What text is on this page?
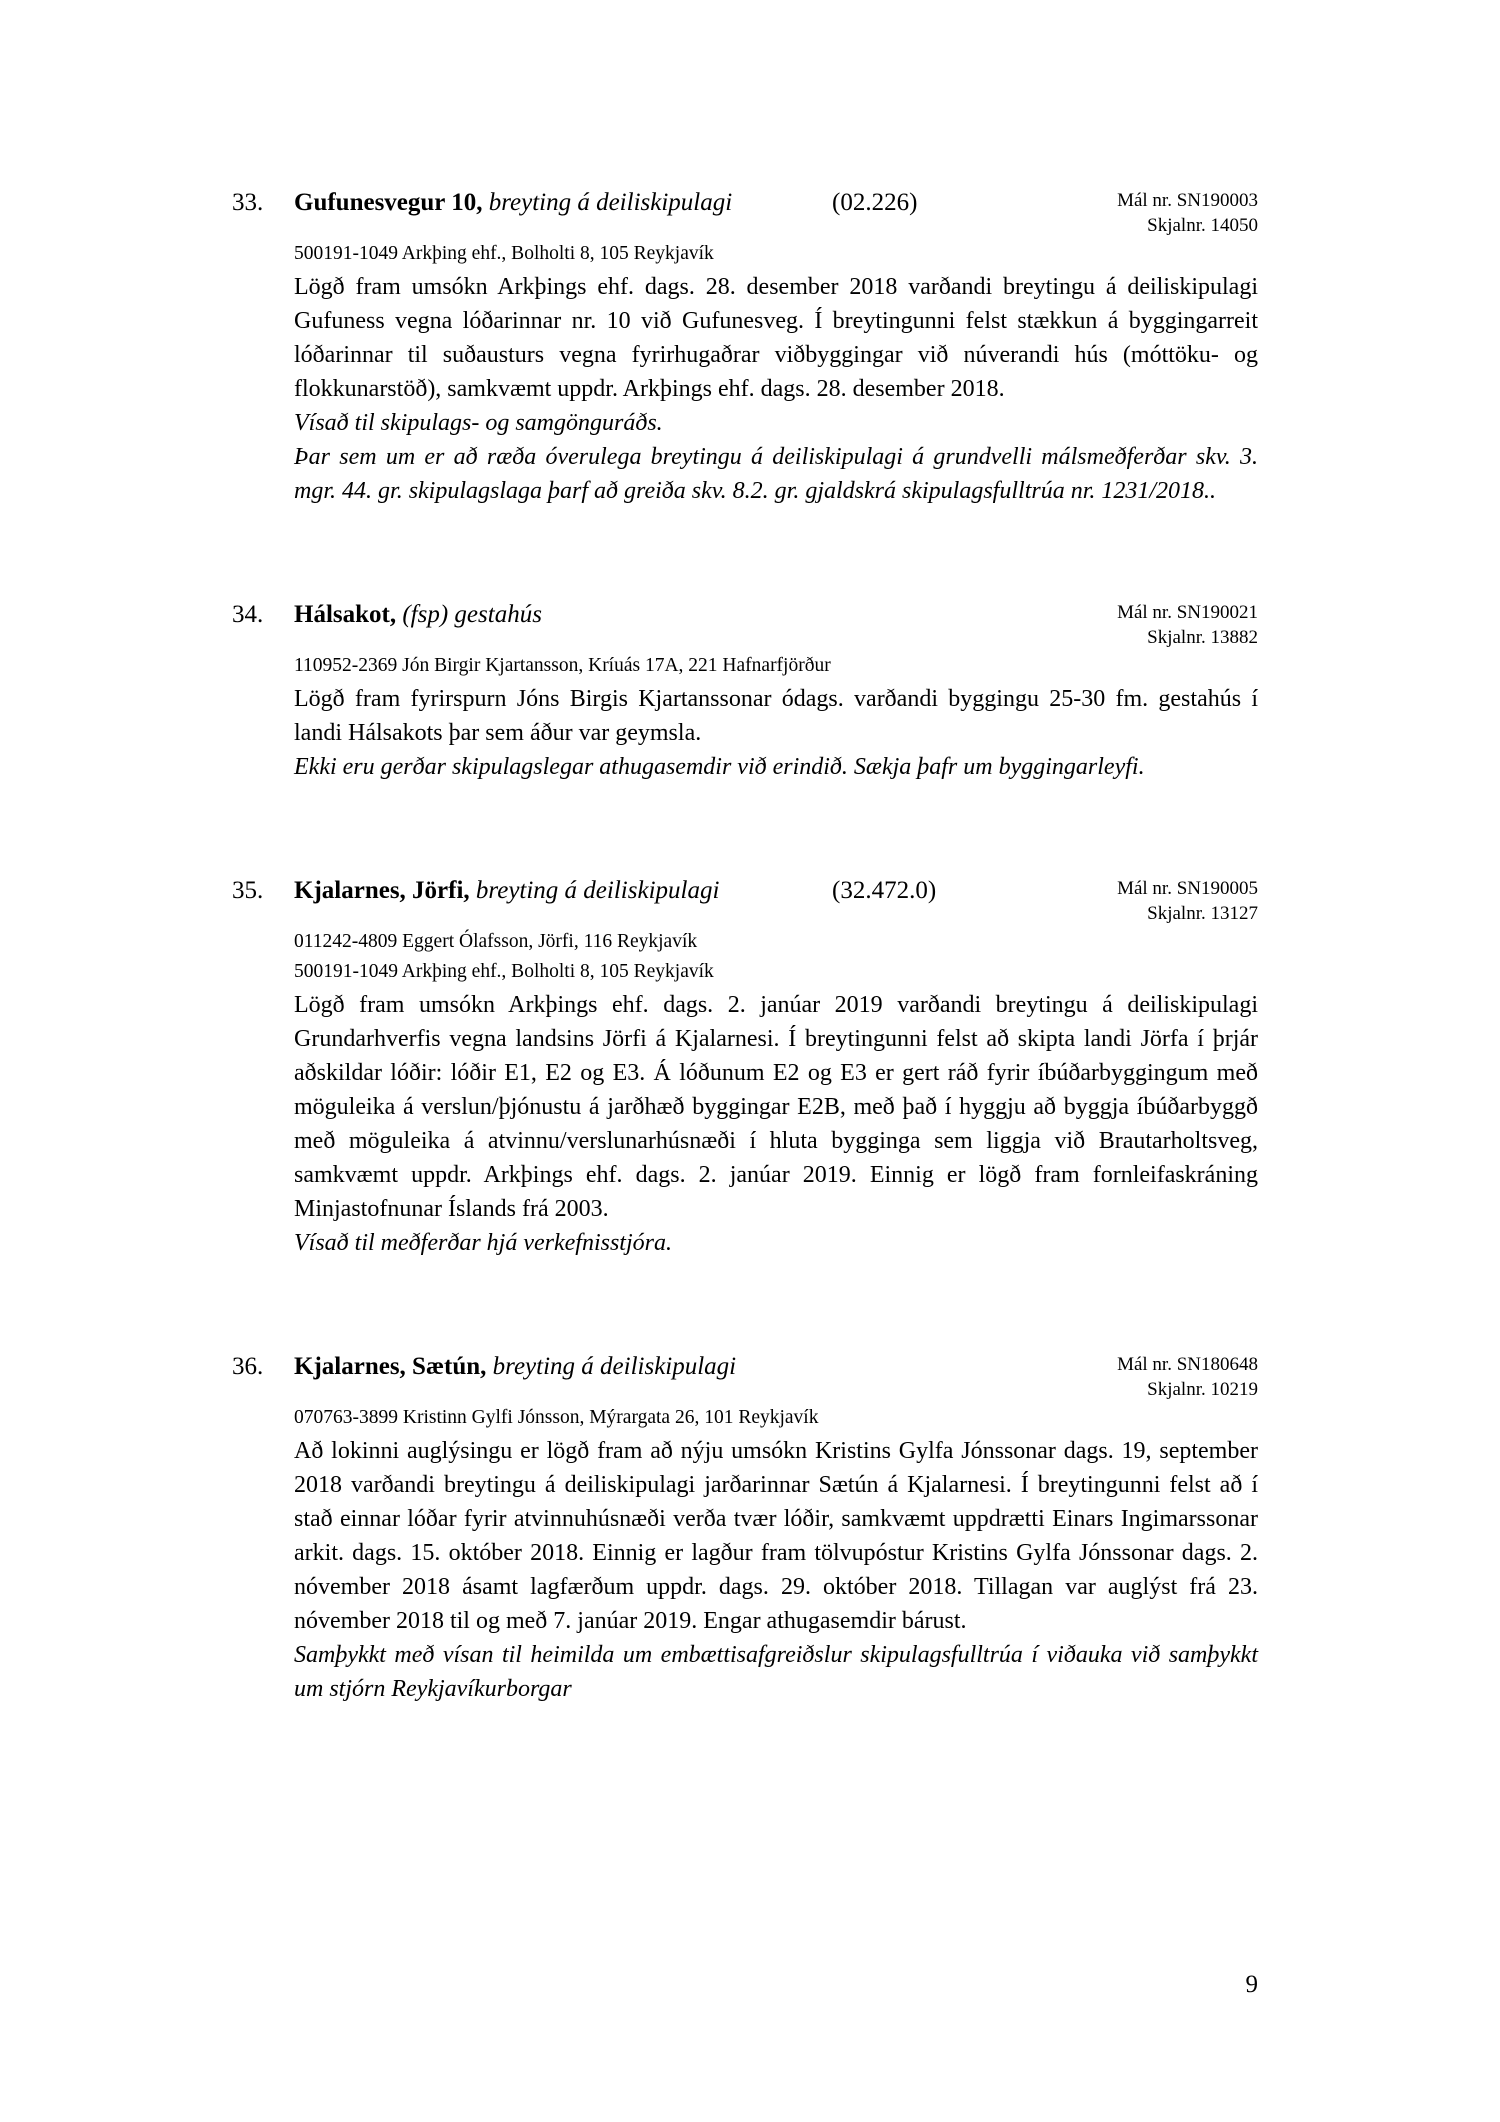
33.	Gufunesvegur 10, breyting á deiliskipulagi	(02.226)	Mál nr. SN190003
Skjalnr. 14050
500191-1049 Arkþing ehf., Bolholti 8, 105 Reykjavík

Lögð fram umsókn Arkþings ehf. dags. 28. desember 2018 varðandi breytingu á deiliskipulagi Gufuness vegna lóðarinnar nr. 10 við Gufunesveg. Í breytingunni felst stækkun á byggingarreit lóðarinnar til suðausturs vegna fyrirhugaðrar viðbyggingar við núverandi hús (móttöku- og flokkunarstöð), samkvæmt uppdr. Arkþings ehf. dags. 28. desember 2018.

Vísað til skipulags- og samgönguráðs.

Þar sem um er að ræða óverulega breytingu á deiliskipulagi á grundvelli málsmeðferðar skv. 3. mgr. 44. gr. skipulagslaga þarf að greiða skv. 8.2. gr. gjaldskrá skipulagsfulltrúa nr. 1231/2018..

34.	Hálsakot, (fsp) gestahús	Mál nr. SN190021
Skjalnr. 13882
110952-2369 Jón Birgir Kjartansson, Kríuás 17A, 221 Hafnarfjörður

Lögð fram fyrirspurn Jóns Birgis Kjartanssonar ódags. varðandi byggingu 25-30 fm. gestahús í landi Hálsakots þar sem áður var geymsla.

Ekki eru gerðar skipulagslegar athugasemdir við erindið. Sækja þafr um byggingarleyfi.

35.	Kjalarnes, Jörfi, breyting á deiliskipulagi	(32.472.0)	Mál nr. SN190005
Skjalnr. 13127
011242-4809 Eggert Ólafsson, Jörfi, 116 Reykjavík
500191-1049 Arkþing ehf., Bolholti 8, 105 Reykjavík

Lögð fram umsókn Arkþings ehf. dags. 2. janúar 2019 varðandi breytingu á deiliskipulagi Grundarhverfis vegna landsins Jörfi á Kjalarnesi. Í breytingunni felst að skipta landi Jörfa í þrjár aðskildar lóðir: lóðir E1, E2 og E3. Á lóðunum E2 og E3 er gert ráð fyrir íbúðarbyggingum með möguleika á verslun/þjónustu á jarðhæð byggingar E2B, með það í hyggju að byggja íbúðarbyggð með möguleika á atvinnu/verslunarhúsnæði í hluta bygginga sem liggja við Brautarholtsveg, samkvæmt uppdr. Arkþings ehf. dags. 2. janúar 2019. Einnig er lögð fram fornleifaskráning Minjastofnunar Íslands frá 2003.

Vísað til meðferðar hjá verkefnisstjóra.

36.	Kjalarnes, Sætún, breyting á deiliskipulagi	Mál nr. SN180648
Skjalnr. 10219
070763-3899 Kristinn Gylfi Jónsson, Mýrargata 26, 101 Reykjavík

Að lokinni auglýsingu er lögð fram að nýju umsókn Kristins Gylfa Jónssonar dags. 19, september 2018 varðandi breytingu á deiliskipulagi jarðarinnar Sætún á Kjalarnesi. Í breytingunni felst að í stað einnar lóðar fyrir atvinnuhúsnæði verða tvær lóðir, samkvæmt uppdrætti Einars Ingimarssonar arkit. dags. 15. október 2018. Einnig er lagður fram tölvupóstur Kristins Gylfa Jónssonar dags. 2. nóvember 2018 ásamt lagfærðum uppdr. dags. 29. október 2018. Tillagan var auglýst frá 23. nóvember 2018 til og með 7. janúar 2019. Engar athugasemdir bárust.

Samþykkt með vísan til heimilda um embættisafgreiðslur skipulagsfulltrúa í viðauka við samþykkt um stjórn Reykjavíkurborgar

9
